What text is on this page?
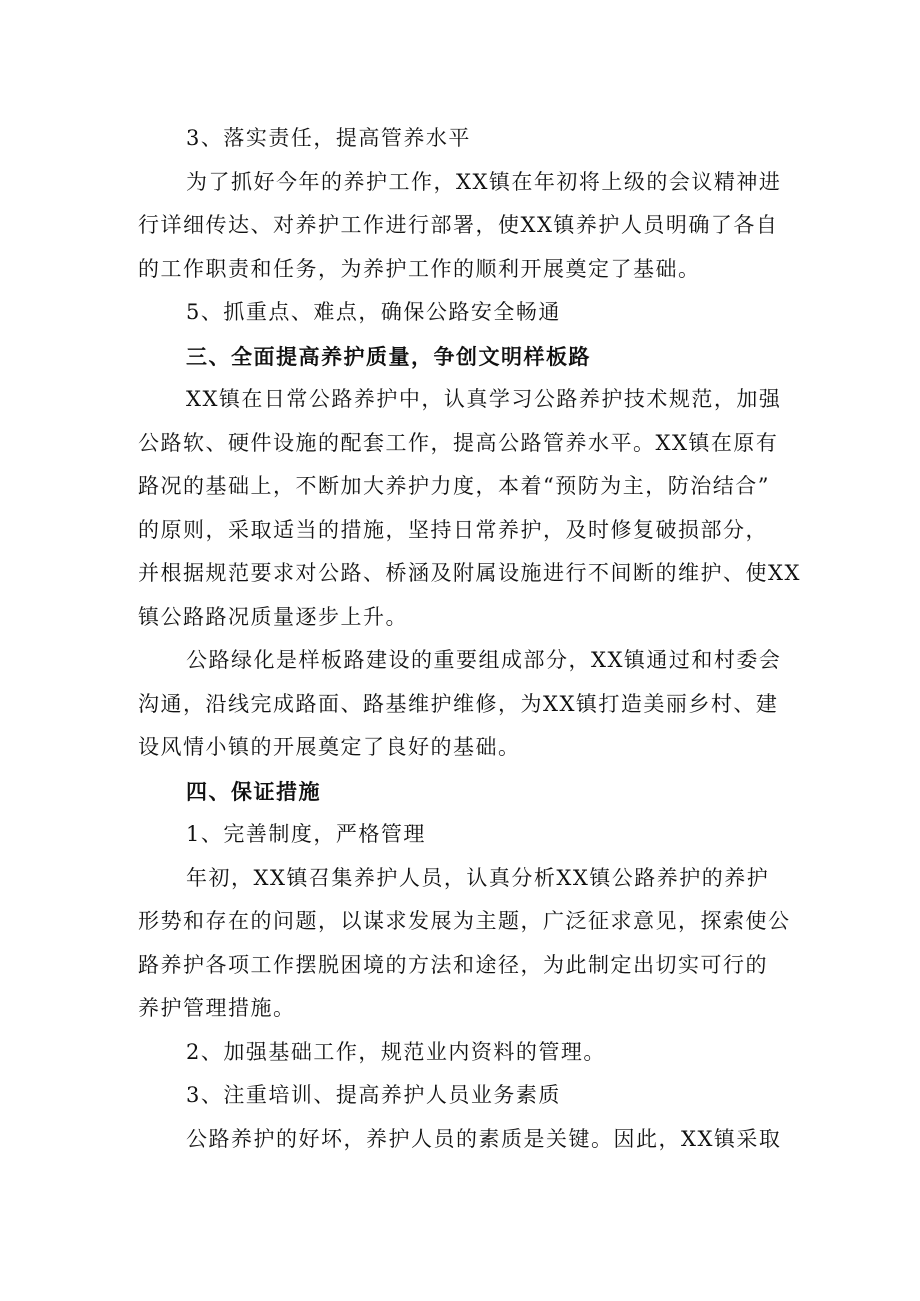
3、落实责任，提高管养水平
为了抓好今年的养护工作，XX镇在年初将上级的会议精神进
行详细传达、对养护工作进行部署，使XX镇养护人员明确了各自
的工作职责和任务，为养护工作的顺利开展奠定了基础。
5、抓重点、难点，确保公路安全畅通
三、全面提高养护质量，争创文明样板路
XX镇在日常公路养护中，认真学习公路养护技术规范，加强
公路软、硬件设施的配套工作，提高公路管养水平。XX镇在原有
路况的基础上，不断加大养护力度，本着“预防为主，防治结合”
的原则，采取适当的措施，坚持日常养护，及时修复破损部分，
并根据规范要求对公路、桥涵及附属设施进行不间断的维护、使XX
镇公路路况质量逐步上升。
公路绿化是样板路建设的重要组成部分，XX镇通过和村委会
沟通，沿线完成路面、路基维护维修，为XX镇打造美丽乡村、建
设风情小镇的开展奠定了良好的基础。
四、保证措施
1、完善制度，严格管理
年初，XX镇召集养护人员，认真分析XX镇公路养护的养护
形势和存在的问题，以谋求发展为主题，广泛征求意见，探索使公
路养护各项工作摆脱困境的方法和途径，为此制定出切实可行的
养护管理措施。
2、加强基础工作，规范业内资料的管理。
3、注重培训、提高养护人员业务素质
公路养护的好坏，养护人员的素质是关键。因此，XX镇采取
